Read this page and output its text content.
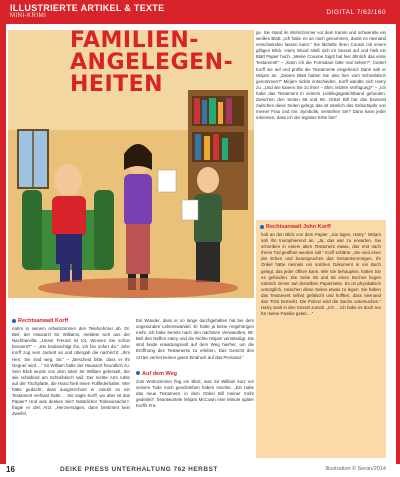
ILLUSTRIERTE ARTIKEL & TEXTE
MINI-KRIMI	DIGITAL 7/62/160
FAMILIEN-
ANGELEGEN-
HEITEN
ge. Sie stand im Wohnzimmer vor dem Kamin und schwenkte ein weißes Blatt. „Ich habe es an mich genommen, damit es niemand verschwinden lassen kann.“ Sie lächelte ihren Cousin mit einem giftigen Blick. Harry Wood stieß sich im Sessel auf und hielt ein Blatt Papier hoch. „Meine Cousine Sigrit hat hier ähnlich das erste Testament!“ – „Kann ich die Formulare bitte mal sehen?“, fordert Korff sie auf und prüfte die Testamente eingehend. Dann sah er Mirjam an. „Dieses Blatt haben Sie also hier vom Schreibtisch genommen?“ Mirjam nickte entschieden. Korff wandte sich Harry zu. „Und wie kamen Sie zu Ihrer – ähm, letzten Verfügung?“ – „Ich habe das Testament in seinem Lieblingsgedichtband gefunden. Zwischen den Seiten 65 und 66. Onkel Bill hat das bewusst zwischen diese Seiten gelegt, das ist nämlich das Geburtsjahr von meiner Frau und mir. Symbolik, verstehen Sie? Dann kann jeder erkennen, dass ich der legitime Erbe bin!“
Rechtsanwalt John Korff
hob an den Blick von dem Papier. „Sie lügen, Harry.“ Mirjam sah ihn triumphierend an. „Ja, das war zu erwarten. Sie schreiben in einem alten Testament etwas, das erst nach Ihrem Tod geöffnet werden soll.“ Korff erklärte: „Sie sind einer der Erben und beanspruchen das Gesamtvermögen. Ihr Onkel hätte niemals ein solches Dokument in ein Buch gelegt, das jeder öffnen kann. Wie Sie behaupten, hatten Sie es gefunden. Die Seite 65 und 66 eines Buches liegen nämlich immer auf derselben Papierseite. Es ist physikalisch unmöglich, zwischen diese Seiten etwas zu legen. Sie haben das Testament selbst gefälscht und hofften, dass niemand den Trick bemerkt. Die Polizei wird die Sache untersuchen.“ Harry sank in den Sessel zurück. „Ich ... ich habe es doch nur für meine Familie getan ...“
Rechtsanwalt Korff
nahm in seinem Arbeitszimmer den Telefonhörer ab. Dr. Beil, der Hausarzt Sir Williams, meldete sich aus der Nachbarvilla: „Unser Freund ist tot, Winnies Sie schon benannt?“ – „Sie beabsichtigt ihn, ich bin sofort da.“ John Korff zog sein Jackett an und übergab die nachricht: „Ihm Herr, Sie sind weg, Sir.“ – „Bescheid bitte, dass er Ihr Gegner wird ...“ Sir William hatte der Hausarzt freundlich zu. Sein Blick wurde von dem toten Sir William gefesselt, der wie schlafend am Schreibtisch saß. Der rechte Arm ruhte auf der Tischplatte, die Hand hielt einen Füllfederhalter. Wer hätte gedacht, dass ausgerechnet er zuletzt so ein Testament verfasst hatte ... Sie sagte Korff, wo aber ist das Papier? Und was denken Sie? Natürlicher Todesursache?, fragte er den Arzt. „Herzversagen, dann bestimmt kein Zweifel,
Ein Wunder, dass er so lange durchgehalten hat bei dem ungesunden Lebenswandel. Er hatte ja keine Angehörigen mehr. Ich habe bereits nach den nächsten Verwandten, Mr. Beil den Neffen Harry und die Nichte Mirjam verständigt. Sie sind beide erwartungsvoll auf dem Weg hierher, um die Eröffnung des Testaments zu erleben. Das Gesicht des Arztes verriet keinen guten Eindruck auf das Personal.“
Auf dem Weg
zum Wohnzimmer flog ein Blick, was Sir William kurz vor seinem Tode noch geschrieben haben mochte. „Ein habe das neue Testament, in dem Onkel Bill meiner mehr gedenkt!“, beantwortete Mirjam McCown eine Minute später Korffs Fra-
16	DEIKE PRESS UNTERHALTUNG 762 HERBST	Illustration © Seran/2014
